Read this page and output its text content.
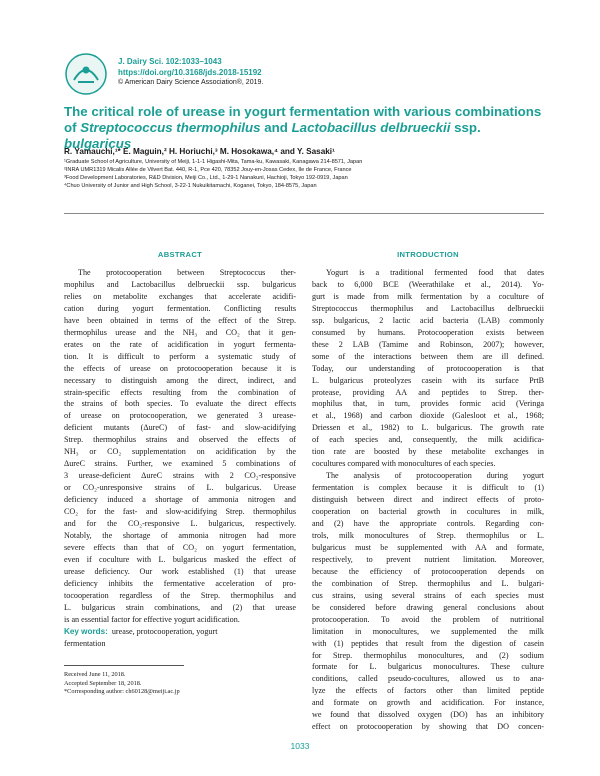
J. Dairy Sci. 102:1033–1043
https://doi.org/10.3168/jds.2018-15192
© American Dairy Science Association®, 2019.
The critical role of urease in yogurt fermentation with various combinations
of Streptococcus thermophilus and Lactobacillus delbrueckii ssp. bulgaricus
R. Yamauchi,¹* E. Maguin,² H. Horiuchi,³ M. Hosokawa,⁴ and Y. Sasaki¹
¹Graduate School of Agriculture, University of Meiji, 1-1-1 Higashi-Mita, Tama-ku, Kawasaki, Kanagawa 214-8571, Japan
²INRA UMR1319 Micalis Allée de Vilvert Bat. 440, R-1, Pce 420, 78352 Jouy-en-Josas Cedex, Ile de France, France
³Food Development Laboratories, R&D Division, Meiji Co., Ltd., 1-29-1 Nanakuni, Hachioji, Tokyo 192-0919, Japan
⁴Chuo University of Junior and High School, 3-22-1 Nukuikitamachi, Koganei, Tokyo, 184-8575, Japan
ABSTRACT
The protocooperation between Streptococcus ther-
mophilus and Lactobacillus delbrueckii ssp. bulgaricus
relies on metabolite exchanges that accelerate acidifi-
cation during yogurt fermentation. Conflicting results
have been obtained in terms of the effect of the Strep.
thermophilus urease and the NH₃ and CO₂ that it gen-
erates on the rate of acidification in yogurt fermenta-
tion. It is difficult to perform a systematic study of
the effects of urease on protocooperation because it is
necessary to distinguish among the direct, indirect, and
strain-specific effects resulting from the combination of
the strains of both species. To evaluate the direct effects
of urease on protocooperation, we generated 3 urease-
deficient mutants (ΔureC) of fast- and slow-acidifying
Strep. thermophilus strains and observed the effects of
NH₃ or CO₂ supplementation on acidification by the
ΔureC strains. Further, we examined 5 combinations of
3 urease-deficient ΔureC strains with 2 CO₂-responsive
or CO₂-unresponsive strains of L. bulgaricus. Urease
deficiency induced a shortage of ammonia nitrogen and
CO₂ for the fast- and slow-acidifying Strep. thermophilus
and for the CO₂-responsive L. bulgaricus, respectively.
Notably, the shortage of ammonia nitrogen had more
severe effects than that of CO₂ on yogurt fermentation,
even if coculture with L. bulgaricus masked the effect of
urease deficiency. Our work established (1) that urease
deficiency inhibits the fermentative acceleration of pro-
tocooperation regardless of the Strep. thermophilus and
L. bulgaricus strain combinations, and (2) that urease
is an essential factor for effective yogurt acidification.
Key words: urease, protocooperation, yogurt
fermentation
Received June 11, 2018.
Accepted September 18, 2018.
*Corresponding author: ch60128@meiji.ac.jp
INTRODUCTION
Yogurt is a traditional fermented food that dates
back to 6,000 BCE (Weerathilake et al., 2014). Yo-
gurt is made from milk fermentation by a coculture of
Streptococcus thermophilus and Lactobacillus delbrueckii
ssp. bulgaricus, 2 lactic acid bacteria (LAB) commonly
consumed by humans. Protocooperation exists between
these 2 LAB (Tamime and Robinson, 2007); however,
some of the interactions between them are ill defined.
Today, our understanding of protocooperation is that
L. bulgaricus proteolyzes casein with its surface PrtB
protease, providing AA and peptides to Strep. ther-
mophilus that, in turn, provides formic acid (Veringa
et al., 1968) and carbon dioxide (Galesloot et al., 1968;
Driessen et al., 1982) to L. bulgaricus. The growth rate
of each species and, consequently, the milk acidifica-
tion rate are boosted by these metabolite exchanges in
cocultures compared with monocultures of each species.
The analysis of protocooperation during yogurt
fermentation is complex because it is difficult to (1)
distinguish between direct and indirect effects of proto-
cooperation on bacterial growth in cocultures in milk,
and (2) have the appropriate controls. Regarding con-
trols, milk monocultures of Strep. thermophilus or L.
bulgaricus must be supplemented with AA and formate,
respectively, to prevent nutrient limitation. Moreover,
because the efficiency of protocooperation depends on
the combination of Strep. thermophilus and L. bulgari-
cus strains, using several strains of each species must
be considered before drawing general conclusions about
protocooperation. To avoid the problem of nutritional
limitation in monocultures, we supplemented the milk
with (1) peptides that result from the digestion of casein
for Strep. thermophilus monocultures, and (2) sodium
formate for L. bulgaricus monocultures. These culture
conditions, called pseudo-cocultures, allowed us to ana-
lyze the effects of factors other than limited peptide
and formate on growth and acidification. For instance,
we found that dissolved oxygen (DO) has an inhibitory
effect on protocooperation by showing that DO concen-
1033
